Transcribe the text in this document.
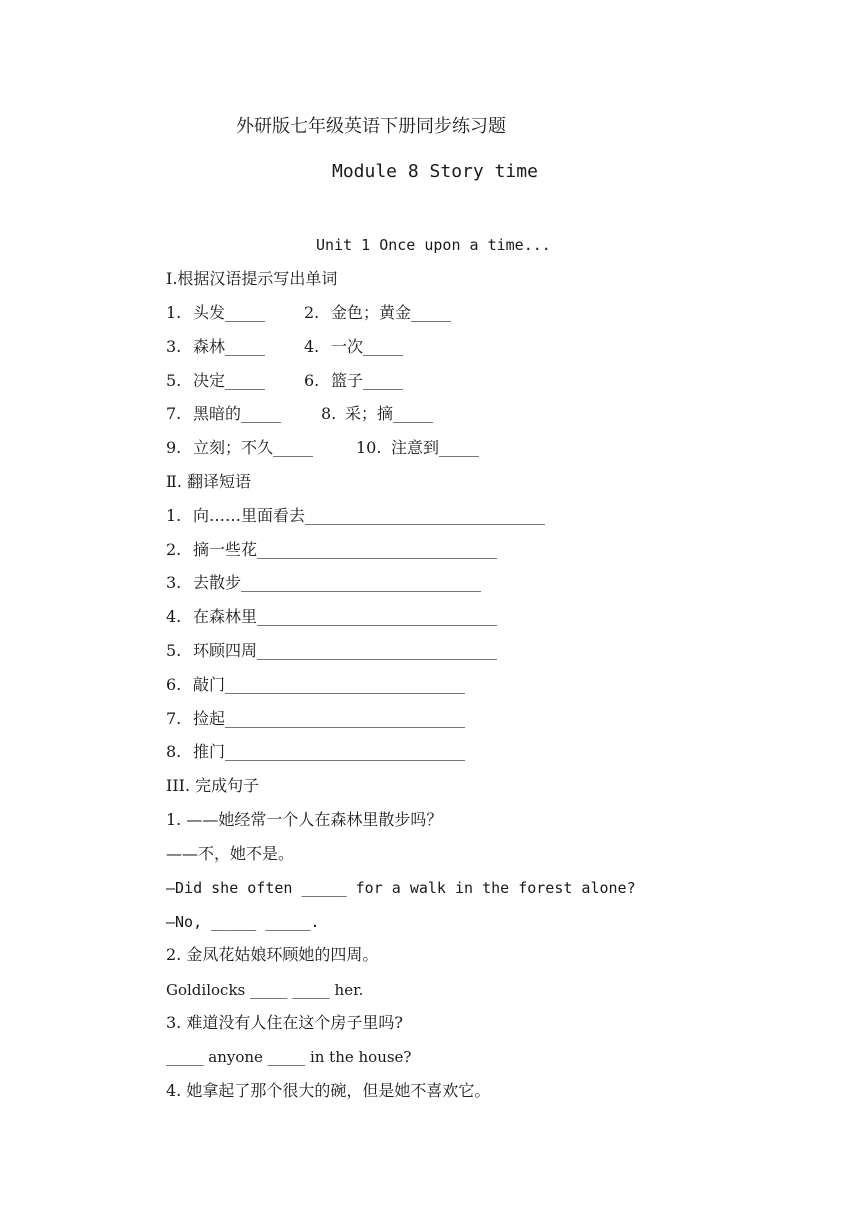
外研版七年级英语下册同步练习题
Module 8 Story time
Unit 1 Once upon a time...
Ⅰ.根据汉语提示写出单词
1. 头发_____ 2. 金色；黄金_____
3. 森林_____ 4. 一次_____
5. 决定_____ 6. 篮子_____
7. 黑暗的_____ 8. 采；摘_____
9. 立刻；不久_____	10. 注意到_____
Ⅱ. 翻译短语
1. 向……里面看去______________________________
2. 摘一些花______________________________
3. 去散步______________________________
4. 在森林里______________________________
5. 环顾四周______________________________
6. 敲门______________________________
7. 捡起______________________________
8. 推门______________________________
III. 完成句子
1. ——她经常一个人在森林里散步吗？
——不，她不是。
—Did she often _____ for a walk in the forest alone?
—No, _____ _____.
2. 金凤花姑娘环顾她的四周。
Goldilocks _____ _____ her.
3. 难道没有人住在这个房子里吗?
_____ anyone _____ in the house?
4. 她拿起了那个很大的碗，但是她不喜欢它。
